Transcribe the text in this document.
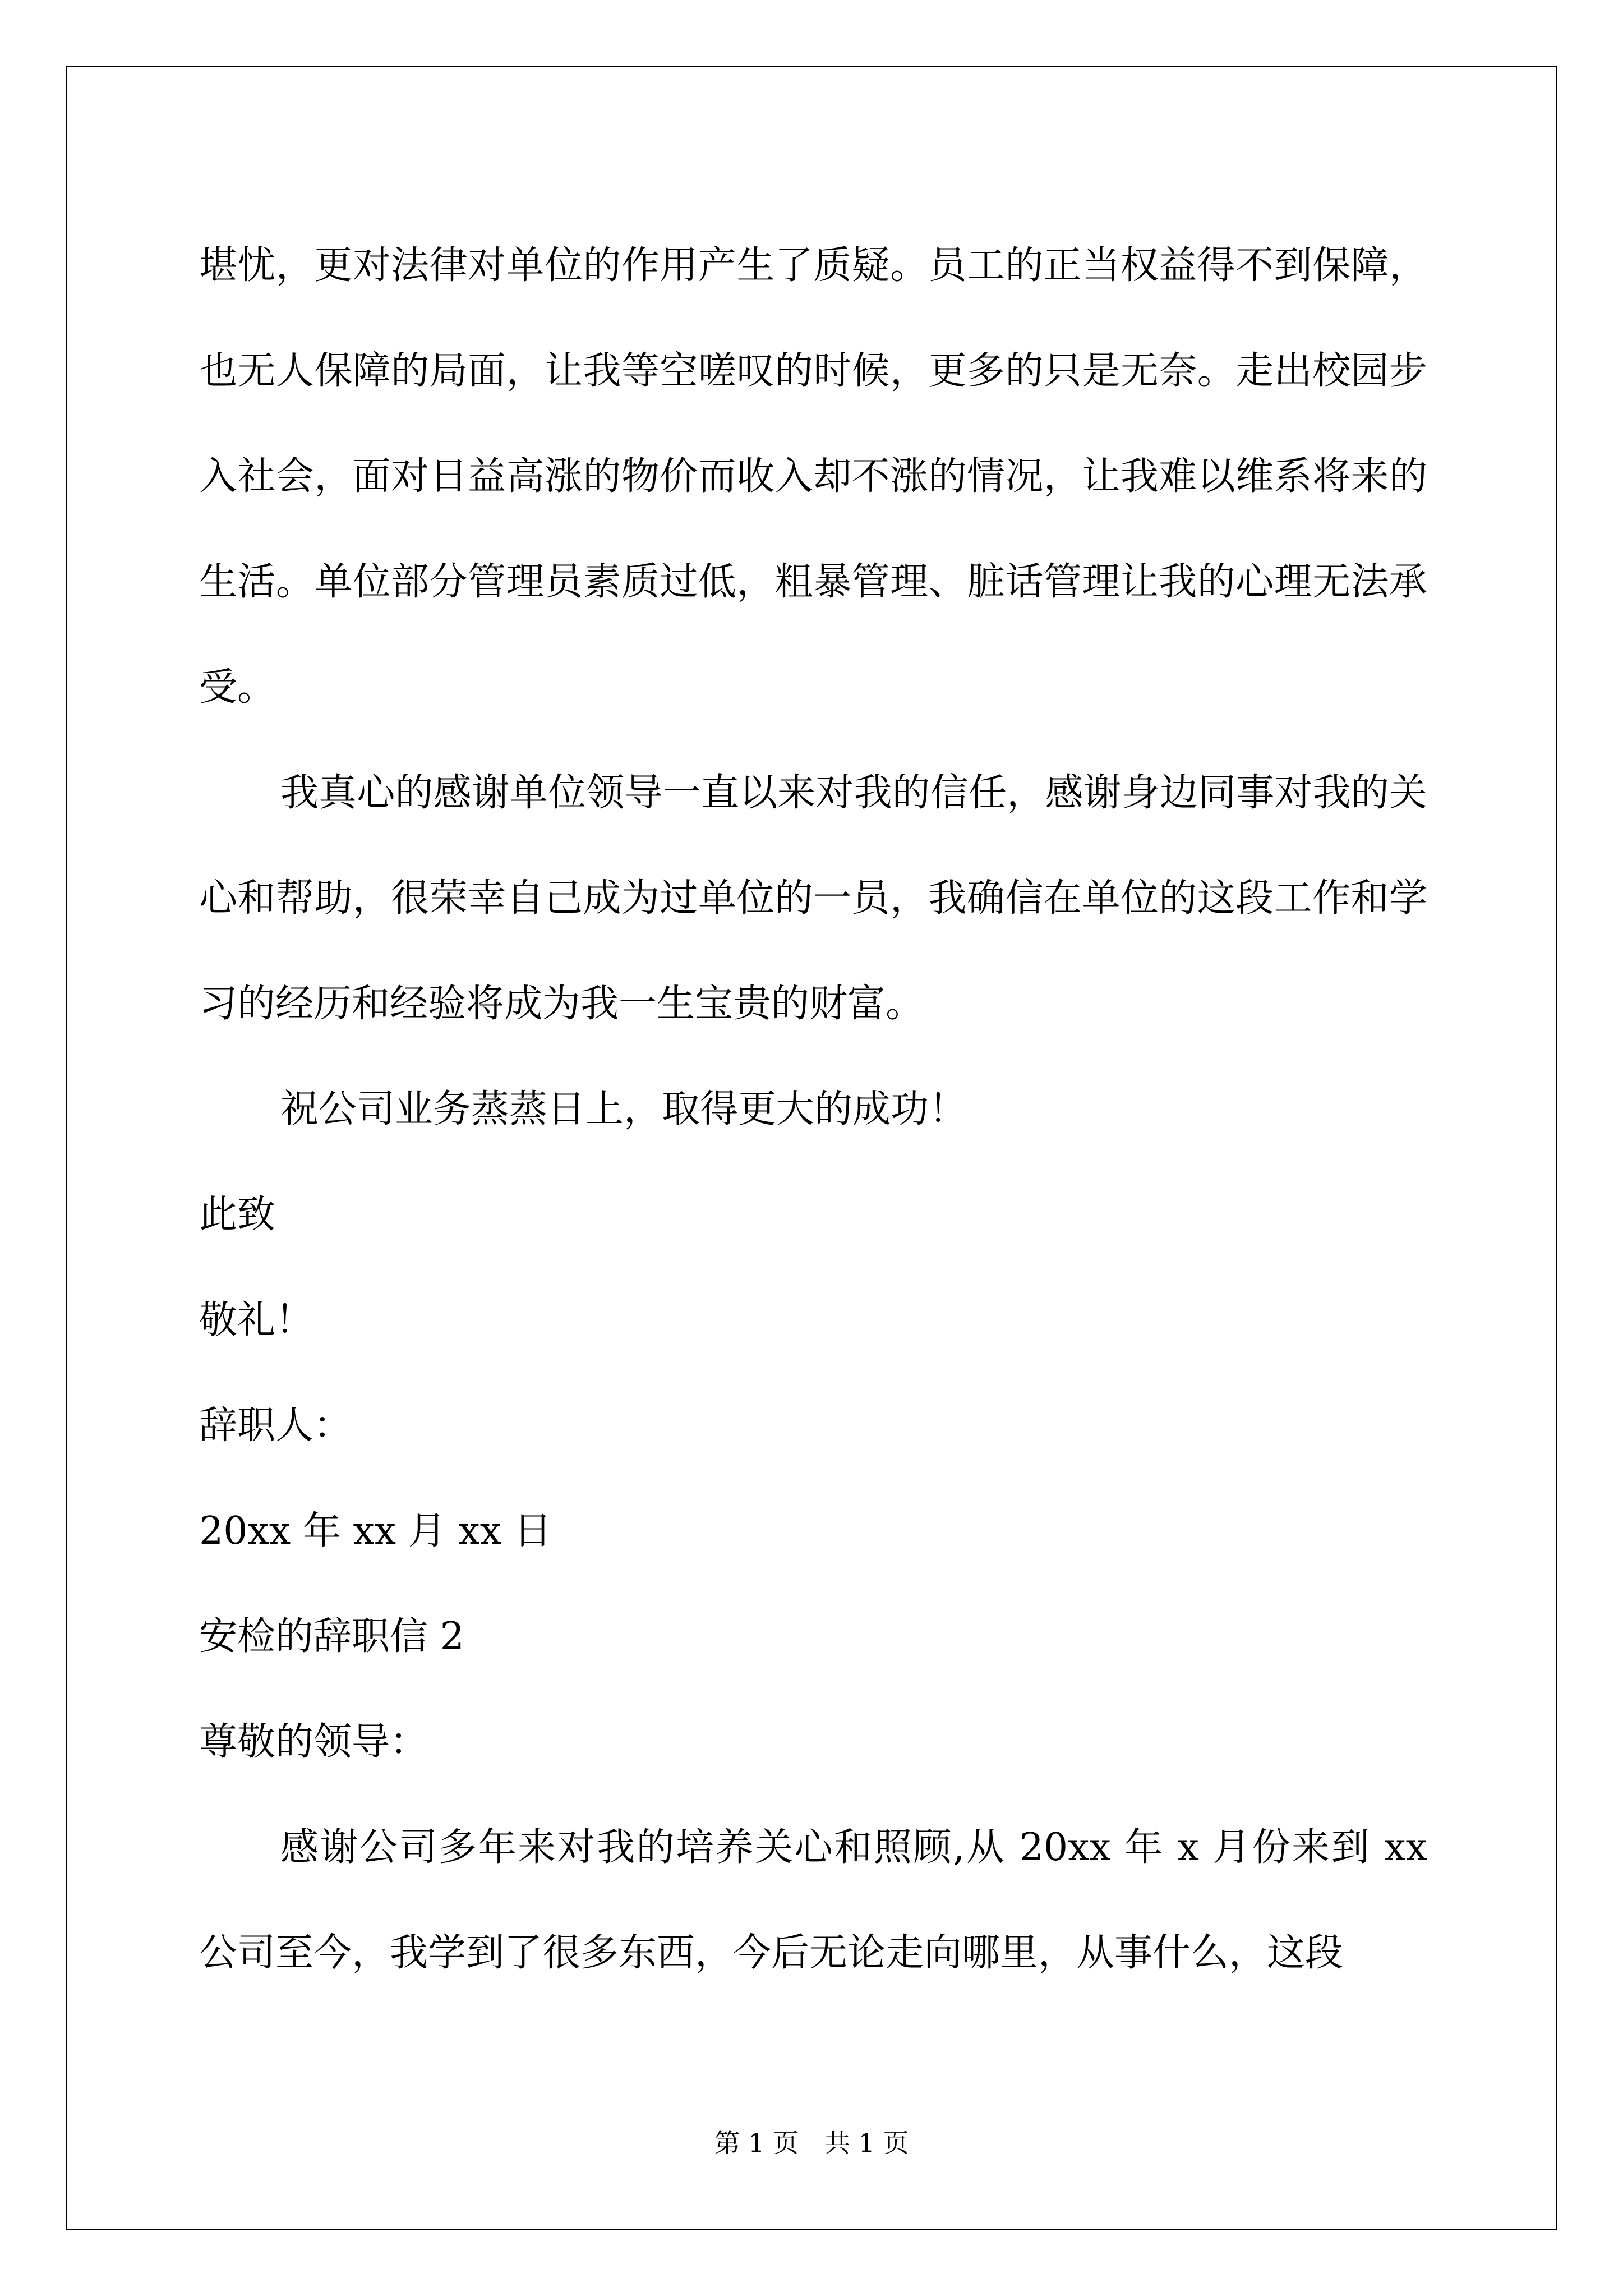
堪忧，更对法律对单位的作用产生了质疑。员工的正当权益得不到保障，也无人保障的局面，让我等空嗟叹的时候，更多的只是无奈。走出校园步入社会，面对日益高涨的物价而收入却不涨的情况，让我难以维系将来的生活。单位部分管理员素质过低，粗暴管理、脏话管理让我的心理无法承受。

我真心的感谢单位领导一直以来对我的信任，感谢身边同事对我的关心和帮助，很荣幸自己成为过单位的一员，我确信在单位的这段工作和学习的经历和经验将成为我一生宝贵的财富。

祝公司业务蒸蒸日上，取得更大的成功！

此致

敬礼！

辞职人：

20xx 年 xx 月 xx 日

安检的辞职信 2

尊敬的领导：

感谢公司多年来对我的培养关心和照顾,从 20xx 年 x 月份来到 xx 公司至今，我学到了很多东西，今后无论走向哪里，从事什么，这段

第 1 页　共 1 页
